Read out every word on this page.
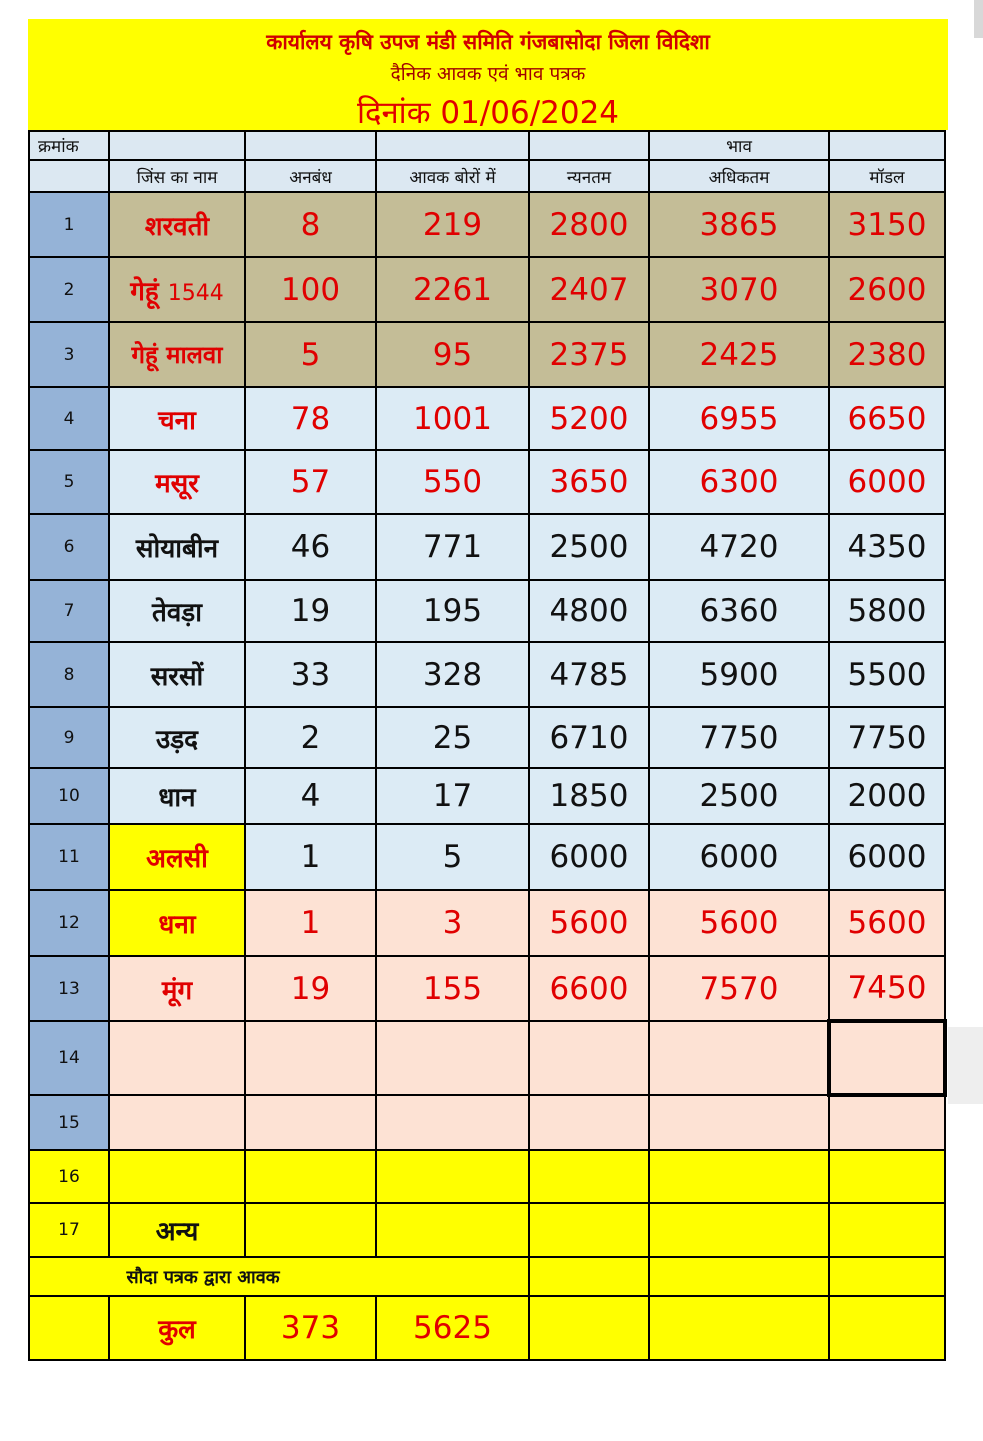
कार्यालय कृषि उपज मंडी समिति गंजबासोदा जिला विदिशा
दैनिक आवक एवं भाव पत्रक
दिनांक 01/06/2024
क्रमांक					भाव	
	जिंस का नाम	अनबंध	आवक बोरों में	न्यनतम	अधिकतम	मॉडल
1	शरवती	8	219	2800	3865	3150
2	गेहूं 1544	100	2261	2407	3070	2600
3	गेहूं मालवा	5	95	2375	2425	2380
4	चना	78	1001	5200	6955	6650
5	मसूर	57	550	3650	6300	6000
6	सोयाबीन	46	771	2500	4720	4350
7	तेवड़ा	19	195	4800	6360	5800
8	सरसों	33	328	4785	5900	5500
9	उड़द	2	25	6710	7750	7750
10	धान	4	17	1850	2500	2000
11	अलसी	1	5	6000	6000	6000
12	धना	1	3	5600	5600	5600
13	मूंग	19	155	6600	7570	7450
14						
15						
16						
17	अन्य					
सौदा पत्रक द्वारा आवक						
	कुल	373	5625			
